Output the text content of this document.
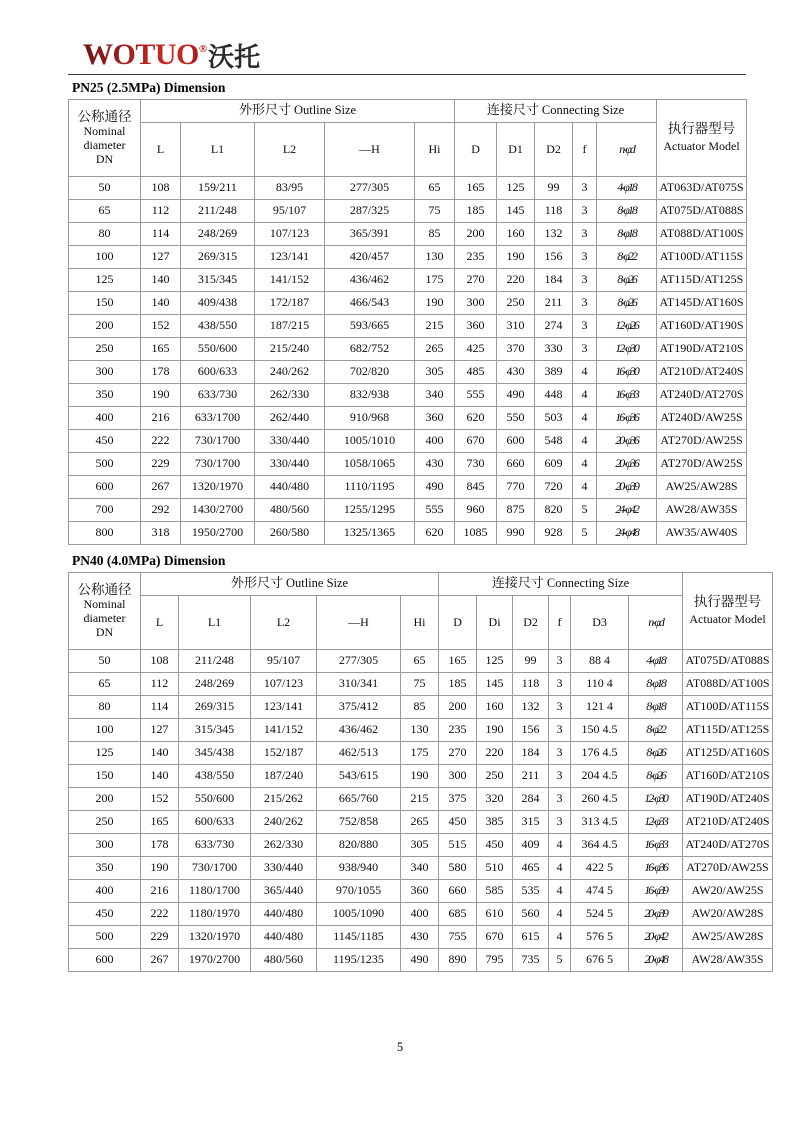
WOTUO ® 沃托
PN25 (2.5MPa) Dimension
公称通径
Nominal
diameter
DN	外形尺寸 Outline Size					连接尺寸 Connecting Size					执行器型号
Actuator Model

	L	L1	L2	—H	Hi	D	D1	D2	f	n-φd	
50	108	159/211	83/95	277/305	65	165	125	99	3	4-φ18	AT063D/AT075S
65	112	211/248	95/107	287/325	75	185	145	118	3	8-φ18	AT075D/AT088S
80	114	248/269	107/123	365/391	85	200	160	132	3	8-φ18	AT088D/AT100S
100	127	269/315	123/141	420/457	130	235	190	156	3	8-φ22	AT100D/AT115S
125	140	315/345	141/152	436/462	175	270	220	184	3	8-φ26	AT115D/AT125S
150	140	409/438	172/187	466/543	190	300	250	211	3	8-φ26	AT145D/AT160S
200	152	438/550	187/215	593/665	215	360	310	274	3	12-φ26	AT160D/AT190S
250	165	550/600	215/240	682/752	265	425	370	330	3	12-φ30	AT190D/AT210S
300	178	600/633	240/262	702/820	305	485	430	389	4	16-φ30	AT210D/AT240S
350	190	633/730	262/330	832/938	340	555	490	448	4	16-φ33	AT240D/AT270S
400	216	633/1700	262/440	910/968	360	620	550	503	4	16-φ36	AT240D/AW25S
450	222	730/1700	330/440	1005/1010	400	670	600	548	4	20-φ36	AT270D/AW25S
500	229	730/1700	330/440	1058/1065	430	730	660	609	4	20-φ36	AT270D/AW25S
600	267	1320/1970	440/480	1110/1195	490	845	770	720	4	20-φ39	AW25/AW28S
700	292	1430/2700	480/560	1255/1295	555	960	875	820	5	24-φ42	AW28/AW35S
800	318	1950/2700	260/580	1325/1365	620	1085	990	928	5	24-φ48	AW35/AW40S
PN40 (4.0MPa) Dimension
公称通径
Nominal
diameter
DN	外形尺寸 Outline Size					连接尺寸 Connecting Size						执行器型号
Actuator Model

	L	L1	L2	—H	Hi	D	Di	D2	f	D3	n-φd	
50	108	211/248	95/107	277/305	65	165	125	99	3	88 4	4-φ18	AT075D/AT088S
65	112	248/269	107/123	310/341	75	185	145	118	3	110 4	8-φ18	AT088D/AT100S
80	114	269/315	123/141	375/412	85	200	160	132	3	121 4	8-φ18	AT100D/AT115S
100	127	315/345	141/152	436/462	130	235	190	156	3	150 4.5	8-φ22	AT115D/AT125S
125	140	345/438	152/187	462/513	175	270	220	184	3	176 4.5	8-φ26	AT125D/AT160S
150	140	438/550	187/240	543/615	190	300	250	211	3	204 4.5	8-φ26	AT160D/AT210S
200	152	550/600	215/262	665/760	215	375	320	284	3	260 4.5	12-φ30	AT190D/AT240S
250	165	600/633	240/262	752/858	265	450	385	315	3	313 4.5	12-φ33	AT210D/AT240S
300	178	633/730	262/330	820/880	305	515	450	409	4	364 4.5	16-φ33	AT240D/AT270S
350	190	730/1700	330/440	938/940	340	580	510	465	4	422 5	16-φ36	AT270D/AW25S
400	216	1180/1700	365/440	970/1055	360	660	585	535	4	474 5	16-φ39	AW20/AW25S
450	222	1180/1970	440/480	1005/1090	400	685	610	560	4	524 5	20-φ39	AW20/AW28S
500	229	1320/1970	440/480	1145/1185	430	755	670	615	4	576 5	20-φ42	AW25/AW28S
600	267	1970/2700	480/560	1195/1235	490	890	795	735	5	676 5	20-φ48	AW28/AW35S
5
